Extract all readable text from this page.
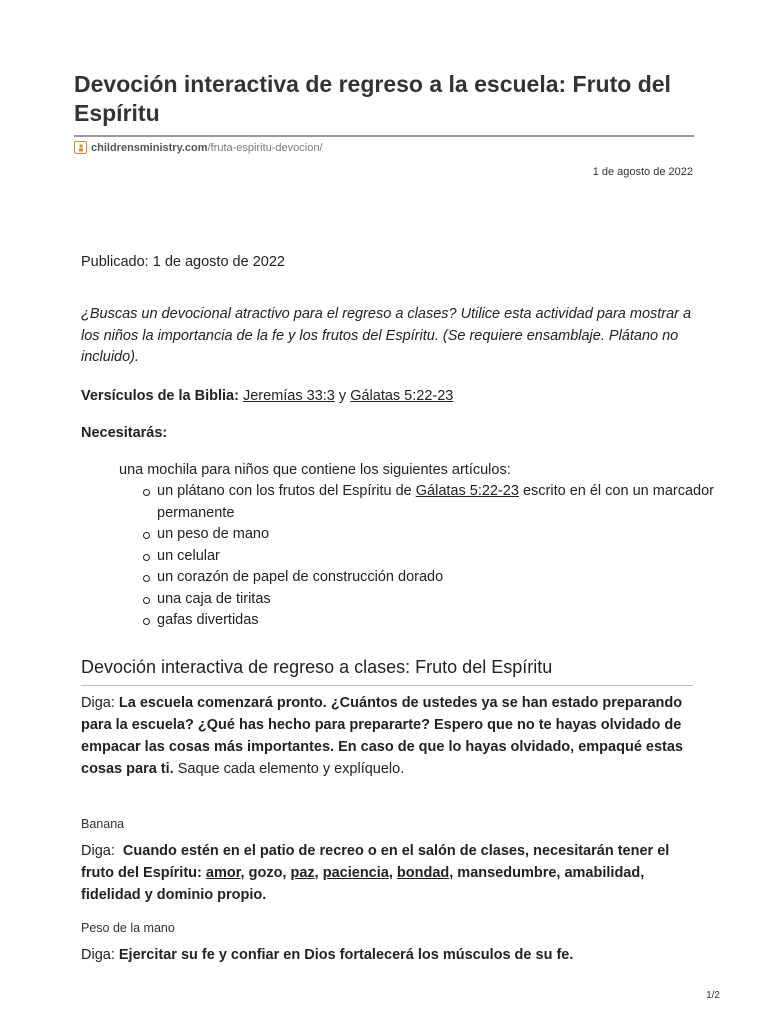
Devoción interactiva de regreso a la escuela: Fruto del Espíritu
childrensministry.com /fruta-espiritu-devocion/
1 de agosto de 2022

Publicado: 1 de agosto de 2022

¿Buscas un devocional atractivo para el regreso a clases? Utilice esta actividad para mostrar a los niños la importancia de la fe y los frutos del Espíritu. (Se requiere ensamblaje. Plátano no incluido).

Versículos de la Biblia: Jeremías 33:3 y Gálatas 5:22-23

Necesitarás:

una mochila para niños que contiene los siguientes artículos:

un plátano con los frutos del Espíritu de Gálatas 5:22-23 escrito en él con un marcador permanente
un peso de mano
un celular
un corazón de papel de construcción dorado
una caja de tiritas
gafas divertidas
Devoción interactiva de regreso a clases: Fruto del Espíritu

Diga: La escuela comenzará pronto. ¿Cuántos de ustedes ya se han estado preparando para la escuela? ¿Qué has hecho para prepararte? Espero que no te hayas olvidado de empacar las cosas más importantes. En caso de que lo hayas olvidado, empaqué estas cosas para ti. Saque cada elemento y explíquelo.

Banana

Diga: Cuando estén en el patio de recreo o en el salón de clases, necesitarán tener el fruto del Espíritu: amor, gozo, paz, paciencia, bondad, mansedumbre, amabilidad, fidelidad y dominio propio.

Peso de la mano

Diga: Ejercitar su fe y confiar en Dios fortalecerá los músculos de su fe.

1/2
